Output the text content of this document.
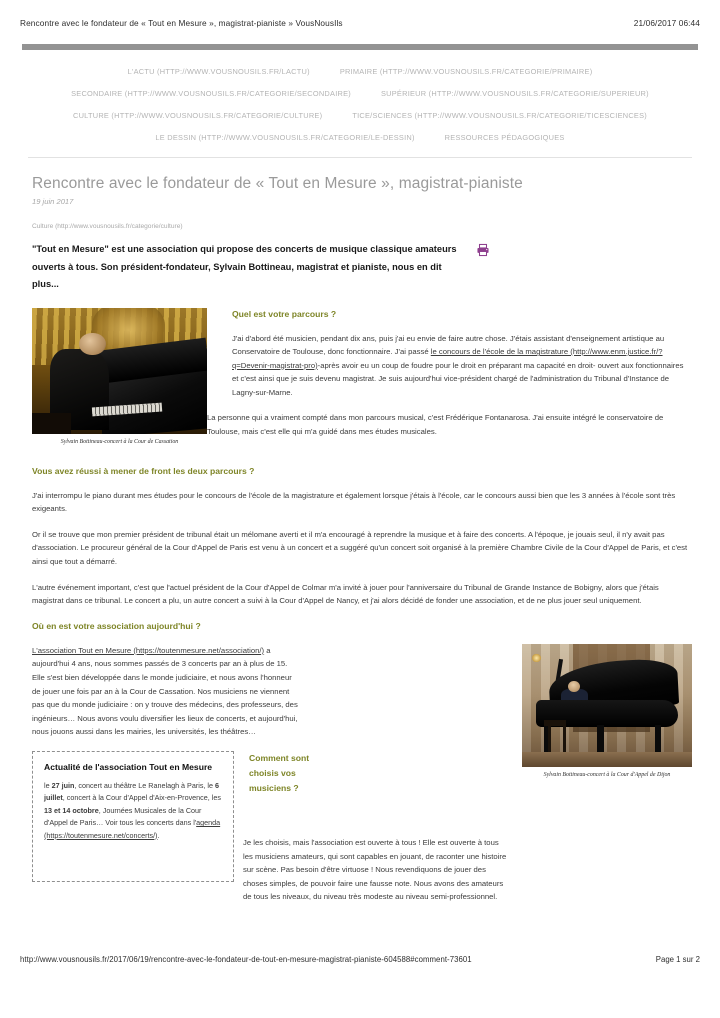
Rencontre avec le fondateur de « Tout en Mesure », magistrat-pianiste » VousNousIls	21/06/2017 06:44
L'ACTU (HTTP://WWW.VOUSNOUSILS.FR/LACTU)	PRIMAIRE (HTTP://WWW.VOUSNOUSILS.FR/CATEGORIE/PRIMAIRE)
SECONDAIRE (HTTP://WWW.VOUSNOUSILS.FR/CATEGORIE/SECONDAIRE)	SUPÉRIEUR (HTTP://WWW.VOUSNOUSILS.FR/CATEGORIE/SUPERIEUR)
CULTURE (HTTP://WWW.VOUSNOUSILS.FR/CATEGORIE/CULTURE)	TICE/SCIENCES (HTTP://WWW.VOUSNOUSILS.FR/CATEGORIE/TICESCIENCES)
LE DESSIN (HTTP://WWW.VOUSNOUSILS.FR/CATEGORIE/LE-DESSIN)	RESSOURCES PÉDAGOGIQUES
Rencontre avec le fondateur de « Tout en Mesure », magistrat-pianiste
19 juin 2017
Culture (http://www.vousnousils.fr/categorie/culture)
"Tout en Mesure" est une association qui propose des concerts de musique classique amateurs ouverts à tous. Son président-fondateur, Sylvain Bottineau, magistrat et pianiste, nous en dit plus...
Sylvain Bottineau-concert à la Cour de Cassation
Quel est votre parcours ?

J'ai d'abord été musicien, pendant dix ans, puis j'ai eu envie de faire autre chose. J'étais assistant d'enseignement artistique au Conservatoire de Toulouse, donc fonctionnaire. J'ai passé le concours de l'école de la magistrature (http://www.enm.justice.fr/?q=Devenir-magistrat-pro)-après avoir eu un coup de foudre pour le droit en préparant ma capacité en droit- ouvert aux fonctionnaires et c'est ainsi que je suis devenu magistrat. Je suis aujourd'hui vice-président chargé de l'administration du Tribunal d'Instance de Lagny-sur-Marne.

La personne qui a vraiment compté dans mon parcours musical, c'est Frédérique Fontanarosa. J'ai ensuite intégré le conservatoire de Toulouse, mais c'est elle qui m'a guidé dans mes études musicales.

Vous avez réussi à mener de front les deux parcours ?

J'ai interrompu le piano durant mes études pour le concours de l'école de la magistrature et également lorsque j'étais à l'école, car le concours aussi bien que les 3 années à l'école sont très exigeants.

Or il se trouve que mon premier président de tribunal était un mélomane averti et il m'a encouragé à reprendre la musique et à faire des concerts. A l'époque, je jouais seul, il n'y avait pas d'association. Le procureur général de la Cour d'Appel de Paris est venu à un concert et a suggéré qu'un concert soit organisé à la première Chambre Civile de la Cour d'Appel de Paris, et c'est ainsi que tout a démarré.

L'autre événement important, c'est que l'actuel président de la Cour d'Appel de Colmar m'a invité à jouer pour l'anniversaire du Tribunal de Grande Instance de Bobigny, alors que j'étais magistrat dans ce tribunal. Le concert a plu, un autre concert a suivi à la Cour d'Appel de Nancy, et j'ai alors décidé de fonder une association, et de ne plus jouer seul uniquement.

Où en est votre association aujourd'hui ?
Sylvain Bottineau-concert à la Cour d'Appel de Dijon

L'association Tout en Mesure (https://toutenmesure.net/association/) a aujourd'hui 4 ans, nous sommes passés de 3 concerts par an à plus de 15. Elle s'est bien développée dans le monde judiciaire, et nous avons l'honneur de jouer une fois par an à la Cour de Cassation. Nos musiciens ne viennent pas que du monde judiciaire : on y trouve des médecins, des professeurs, des ingénieurs… Nous avons voulu diversifier les lieux de concerts, et aujourd'hui, nous jouons aussi dans les mairies, les universités, les théâtres…

Actualité de l'association Tout en Mesure

le 27 juin, concert au théâtre Le Ranelagh à Paris, le 6 juillet, concert à la Cour d'Appel d'Aix-en-Provence, les 13 et 14 octobre, Journées Musicales de la Cour d'Appel de Paris… Voir tous les concerts dans l'agenda (https://toutenmesure.net/concerts/).

Comment sont choisis vos musiciens ?

Je les choisis, mais l'association est ouverte à tous ! Elle est ouverte à tous les musiciens amateurs, qui sont capables en jouant, de raconter une histoire sur scène. Pas besoin d'être virtuose ! Nous revendiquons de jouer des choses simples, de pouvoir faire une fausse note. Nous avons des amateurs de tous les niveaux, du niveau très modeste au niveau semi-professionnel.

http://www.vousnousils.fr/2017/06/19/rencontre-avec-le-fondateur-de-tout-en-mesure-magistrat-pianiste-604588#comment-73601	Page 1 sur 2
